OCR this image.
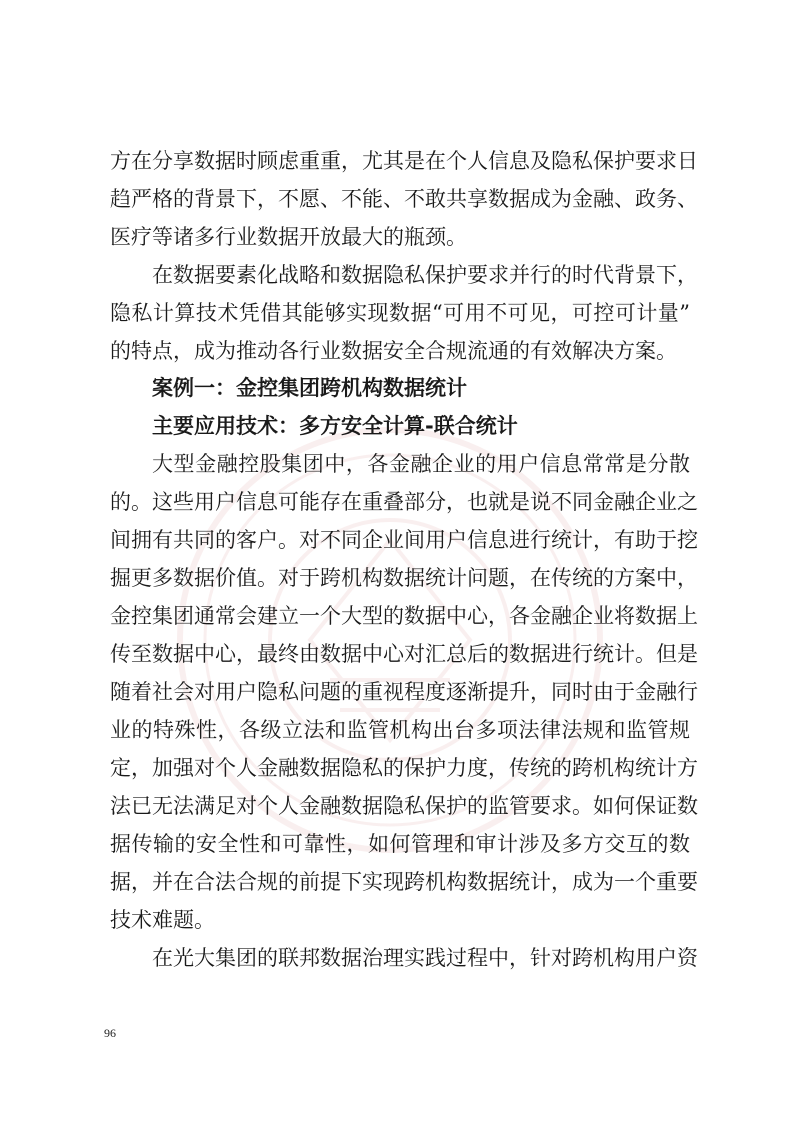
方在分享数据时顾虑重重，尤其是在个人信息及隐私保护要求日
趋严格的背景下，不愿、不能、不敢共享数据成为金融、政务、
医疗等诸多行业数据开放最大的瓶颈。
在数据要素化战略和数据隐私保护要求并行的时代背景下，
隐私计算技术凭借其能够实现数据“可用不可见，可控可计量”
的特点，成为推动各行业数据安全合规流通的有效解决方案。
案例一：金控集团跨机构数据统计
主要应用技术：多方安全计算-联合统计
大型金融控股集团中，各金融企业的用户信息常常是分散
的。这些用户信息可能存在重叠部分，也就是说不同金融企业之
间拥有共同的客户。对不同企业间用户信息进行统计，有助于挖
掘更多数据价值。对于跨机构数据统计问题，在传统的方案中，
金控集团通常会建立一个大型的数据中心，各金融企业将数据上
传至数据中心，最终由数据中心对汇总后的数据进行统计。但是
随着社会对用户隐私问题的重视程度逐渐提升，同时由于金融行
业的特殊性，各级立法和监管机构出台多项法律法规和监管规
定，加强对个人金融数据隐私的保护力度，传统的跨机构统计方
法已无法满足对个人金融数据隐私保护的监管要求。如何保证数
据传输的安全性和可靠性，如何管理和审计涉及多方交互的数
据，并在合法合规的前提下实现跨机构数据统计，成为一个重要
技术难题。
在光大集团的联邦数据治理实践过程中，针对跨机构用户资
96
